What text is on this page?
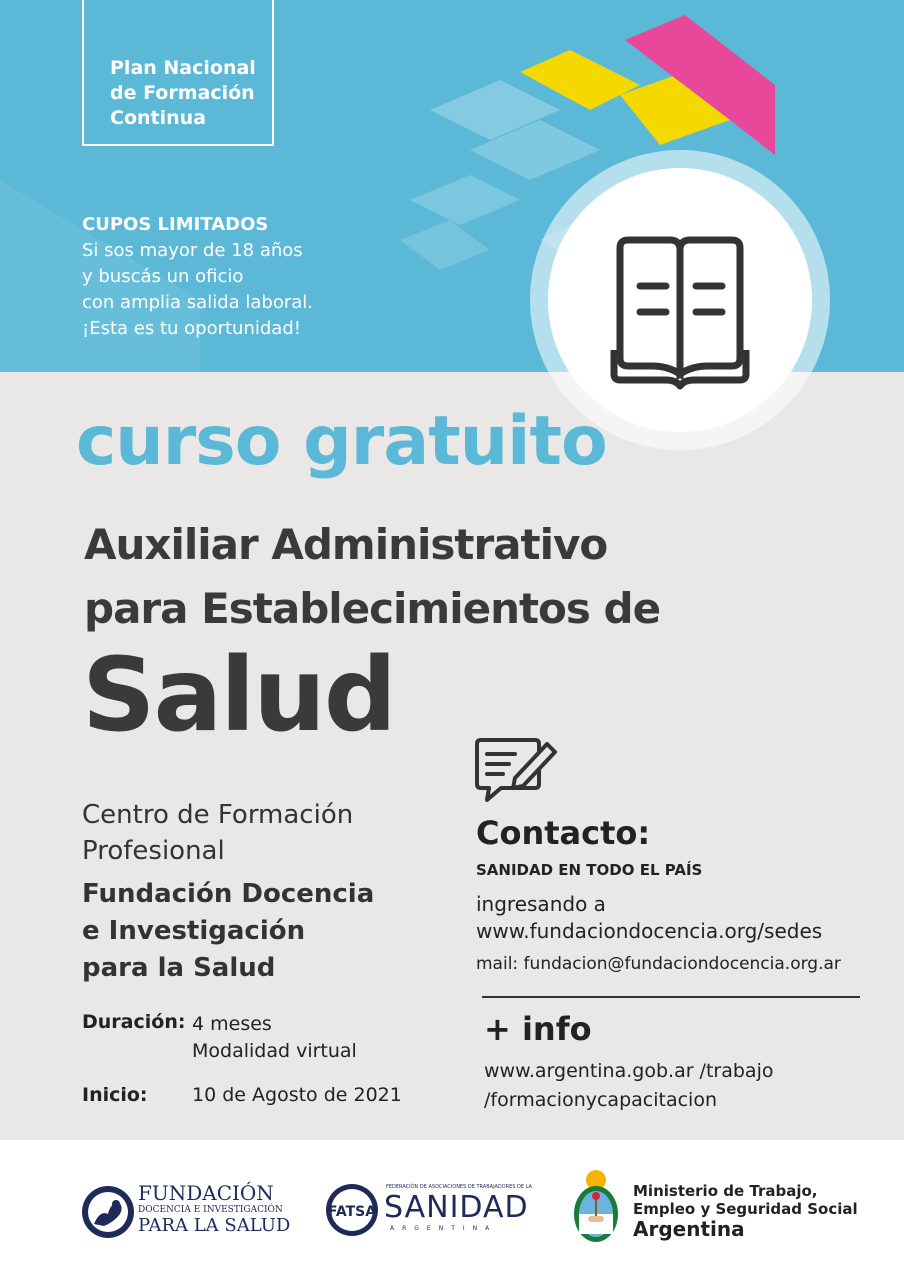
Plan Nacional
de Formación
Continua
CUPOS LIMITADOS
Si sos mayor de 18 años
y buscás un oficio
con amplia salida laboral.
¡Esta es tu oportunidad!
curso gratuito
Auxiliar Administrativo
para Establecimientos de
Salud
Centro de Formación
Profesional
Fundación Docencia
e Investigación
para la Salud
Duración: 4 meses
Modalidad virtual
Inicio: 10 de Agosto de 2021
Contacto:
SANIDAD EN TODO EL PAÍS
ingresando a
www.fundaciondocencia.org/sedes
mail: fundacion@fundaciondocencia.org.ar
+ info
www.argentina.gob.ar /trabajo
/formacionycapacitacion
FUNDACIÓN
DOCENCIA E INVESTIGACIÓN
PARA LA SALUD
FATSA
FEDERACIÓN DE ASOCIACIONES DE TRABAJADORES DE LA
SANIDAD
ARGENTINA
Ministerio de Trabajo,
Empleo y Seguridad Social
Argentina
